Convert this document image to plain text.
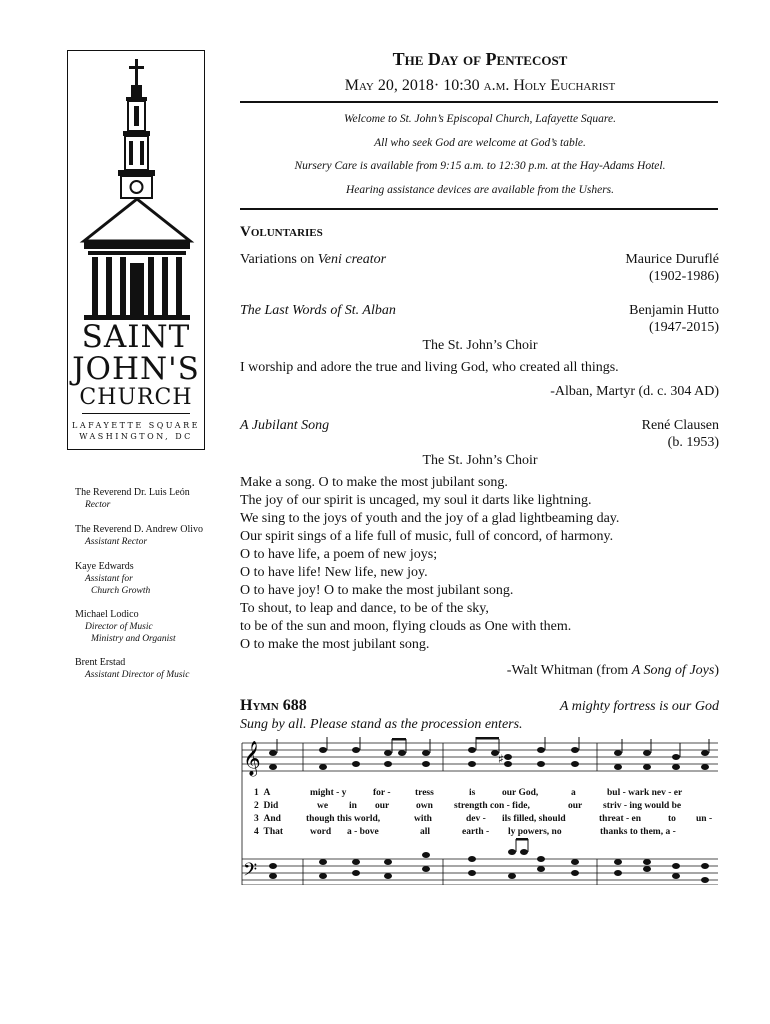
SAINT
JOHN'S
CHURCH
LAFAYETTE SQUARE
WASHINGTON, DC
The Reverend Dr. Luis León
Rector
The Reverend D. Andrew Olivo
Assistant Rector
Kaye Edwards
Assistant for
Church Growth
Michael Lodico
Director of Music
Ministry and Organist
Brent Erstad
Assistant Director of Music
The Day of Pentecost
May 20, 2018· 10:30 a.m. Holy Eucharist
Welcome to St. John’s Episcopal Church, Lafayette Square.
All who seek God are welcome at God’s table.
Nursery Care is available from 9:15 a.m. to 12:30 p.m. at the Hay-Adams Hotel.
Hearing assistance devices are available from the Ushers.
Voluntaries
Variations on Veni creator	Maurice Duruflé
(1902-1986)
The Last Words of St. Alban	Benjamin Hutto
(1947-2015)
The St. John’s Choir
I worship and adore the true and living God, who created all things.
-Alban, Martyr (d. c. 304 AD)
A Jubilant Song	René Clausen
(b. 1953)
The St. John’s Choir
Make a song. O to make the most jubilant song.
The joy of our spirit is uncaged, my soul it darts like lightning.
We sing to the joys of youth and the joy of a glad lightbeaming day.
Our spirit sings of a life full of music, full of concord, of harmony.
O to have life, a poem of new joys;
O to have life! New life, new joy.
O to have joy! O to make the most jubilant song.
To shout, to leap and dance, to be of the sky,
to be of the sun and moon, flying clouds as One with them.
O to make the most jubilant song.
-Walt Whitman (from A Song of Joys)
Hymn 688	A mighty fortress is our God
Sung by all. Please stand as the procession enters.
𝄞
𝄢
♯
1 A	might - y	for -	tress	is	our God,	a	bul - wark nev - er
2 Did	we in our	own strength con - fide,	our striv - ing would be
3 And	though this world,	with	dev - ils filled, should	threat - en	to un -
4 That	word a - bove	all	earth - ly powers, no	thanks to them, a -
